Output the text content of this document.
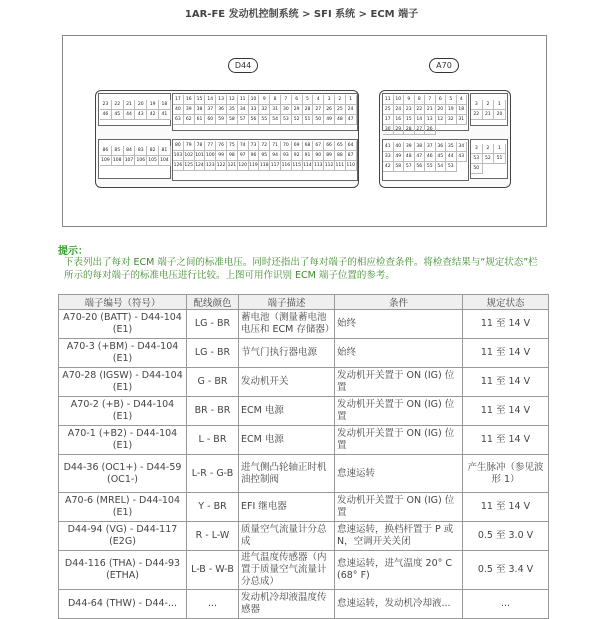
1AR-FE 发动机控制系统 > SFI 系统 > ECM 端子
D44	A70
23	22	21	20	19	18
46	45	44	43	42	41
17	16	15	14	13	12	11	10	9	8	7	6	5	4	3	2	1
40	39	38	37	36	35	34	33	32	31	30	29	28	27	26	25	24
63	62	61	60	59	58	57	56	55	54	53	52	51	50	49	48	47
86	85	84	83	82	81
109 108 107 106 105 104
80	79	78	77	76	75	74	73	72	71	70	69	68	67	66	65	64
103 102 101 100 99	98	97	96	95	94	93	92	91	90	89	88	87
126 125 124 123 122 121 120 119 118 117 116 115 114 113 112 111 110
11	10	9	8	7	6	5	4
25	24	23	22	21	20	19	18
17	16	15	14	13	12	32	31
30	29	28	27	26
3	2	1
22	21	20
41	40	39	38	37	36	35	34
33	49	48	47	46	45	44	43
42	58	57	56	55	54	53
3	2	1
53	52	51
50
提示：
下表列出了每对 ECM 端子之间的标准电压。同时还指出了每对端子的相应检查条件。将检查结果与“规定状态”栏所示的每对端子的标准电压进行比较。上图可用作识别 ECM 端子位置的参考。
端子编号（符号）	配线颜色	端子描述	条件	规定状态
A70-20 (BATT) - D44-104 (E1)	LG - BR	蓄电池（测量蓄电池电压和 ECM 存储器）	始终	11 至 14 V
A70-3 (+BM) - D44-104 (E1)	LG - BR	节气门执行器电源	始终	11 至 14 V
A70-28 (IGSW) - D44-104 (E1)	G - BR	发动机开关	发动机开关置于 ON (IG) 位置	11 至 14 V
A70-2 (+B) - D44-104 (E1)	BR - BR	ECM 电源	发动机开关置于 ON (IG) 位置	11 至 14 V
A70-1 (+B2) - D44-104 (E1)	L - BR	ECM 电源	发动机开关置于 ON (IG) 位置	11 至 14 V
D44-36 (OC1+) - D44-59 (OC1-)	L-R - G-B	进气侧凸轮轴正时机油控制阀	怠速运转	产生脉冲（参见波形 1）
A70-6 (MREL) - D44-104 (E1)	Y - BR	EFI 继电器	发动机开关置于 ON (IG) 位置	11 至 14 V
D44-94 (VG) - D44-117 (E2G)	R - L-W	质量空气流量计分总成	怠速运转，换档杆置于 P 或 N，空调开关关闭	0.5 至 3.0 V
D44-116 (THA) - D44-93 (ETHA)	L-B - W-B	进气温度传感器（内置于质量空气流量计分总成）	怠速运转，进气温度 20° C (68° F)	0.5 至 3.4 V
D44-64 (THW) - D44-...	...	发动机冷却液温度传感器	怠速运转，发动机冷却液...	...
